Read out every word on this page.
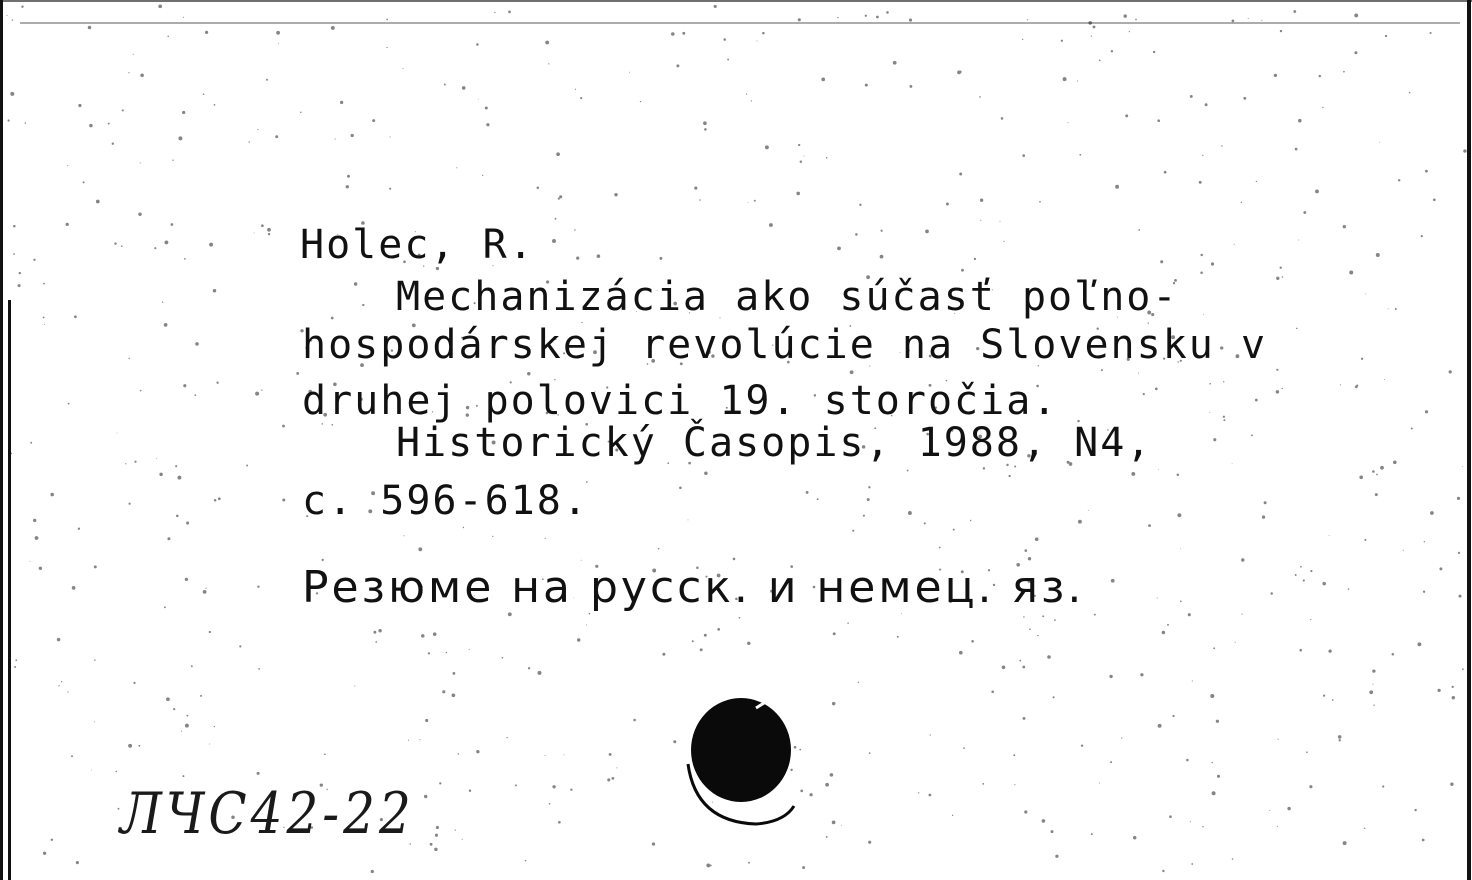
Holec, R.
Mechanizácia ako súčasť poľno-
hospodárskej revolúcie na Slovensku v
druhej polovici 19. storočia.
Historický Časopis, 1988, N4,
c. 596-618.
Резюме на русск. и немец. яз.
ЛЧС42-22
